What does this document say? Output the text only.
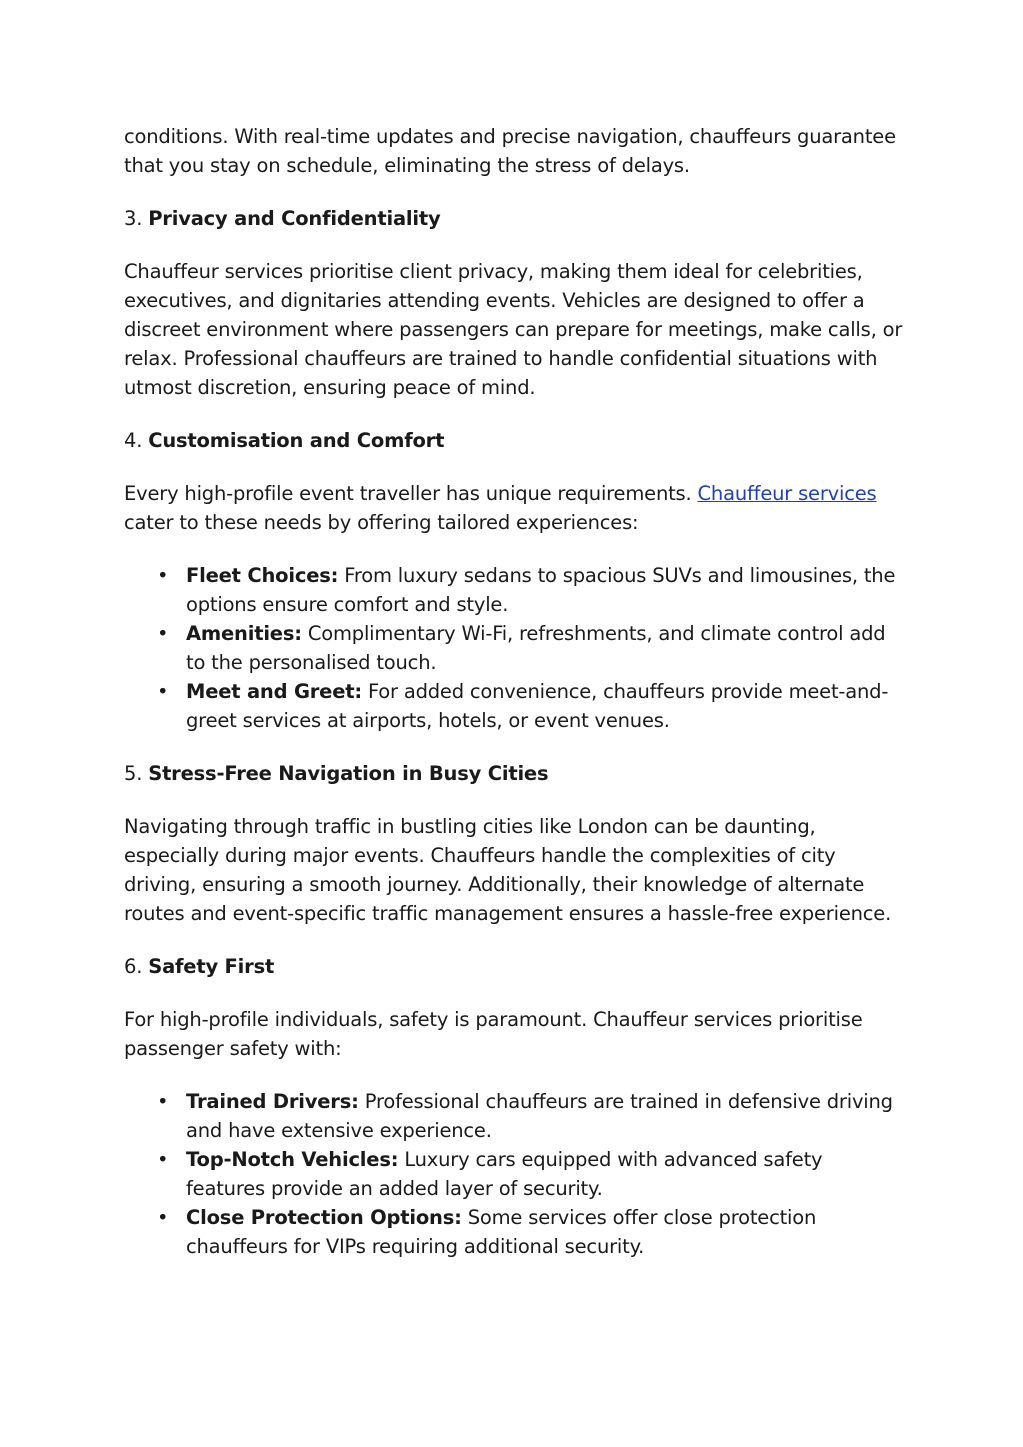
conditions. With real-time updates and precise navigation, chauffeurs guarantee that you stay on schedule, eliminating the stress of delays.

3. Privacy and Confidentiality

Chauffeur services prioritise client privacy, making them ideal for celebrities, executives, and dignitaries attending events. Vehicles are designed to offer a discreet environment where passengers can prepare for meetings, make calls, or relax. Professional chauffeurs are trained to handle confidential situations with utmost discretion, ensuring peace of mind.

4. Customisation and Comfort

Every high-profile event traveller has unique requirements. Chauffeur services cater to these needs by offering tailored experiences:

• Fleet Choices: From luxury sedans to spacious SUVs and limousines, the options ensure comfort and style.
• Amenities: Complimentary Wi-Fi, refreshments, and climate control add to the personalised touch.
• Meet and Greet: For added convenience, chauffeurs provide meet-and-greet services at airports, hotels, or event venues.

5. Stress-Free Navigation in Busy Cities

Navigating through traffic in bustling cities like London can be daunting, especially during major events. Chauffeurs handle the complexities of city driving, ensuring a smooth journey. Additionally, their knowledge of alternate routes and event-specific traffic management ensures a hassle-free experience.

6. Safety First

For high-profile individuals, safety is paramount. Chauffeur services prioritise passenger safety with:

• Trained Drivers: Professional chauffeurs are trained in defensive driving and have extensive experience.
• Top-Notch Vehicles: Luxury cars equipped with advanced safety features provide an added layer of security.
• Close Protection Options: Some services offer close protection chauffeurs for VIPs requiring additional security.
